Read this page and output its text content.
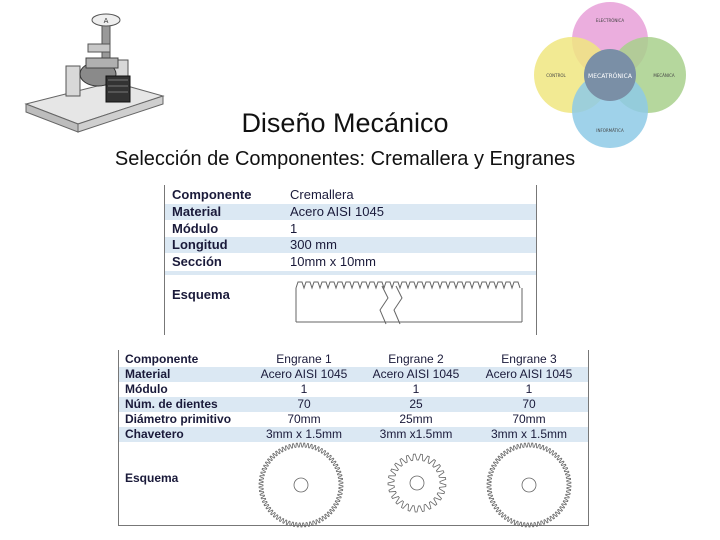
A
MECATRÓNICA
ELECTRÓNICA
MECÁNICA
CONTROL
INFORMÁTICA
Diseño Mecánico
Selección de Componentes: Cremallera y Engranes
Componente	Cremallera
Material	Acero AISI 1045
Módulo	1
Longitud	300 mm
Sección	10mm x 10mm
Esquema
Componente	Engrane 1	Engrane 2	Engrane 3
Material	Acero AISI 1045	Acero AISI 1045	Acero AISI 1045
Módulo	1	1	1
Núm. de dientes	70	25	70
Diámetro primitivo	70mm	25mm	70mm
Chavetero	3mm x 1.5mm	3mm x1.5mm	3mm x 1.5mm
Esquema
